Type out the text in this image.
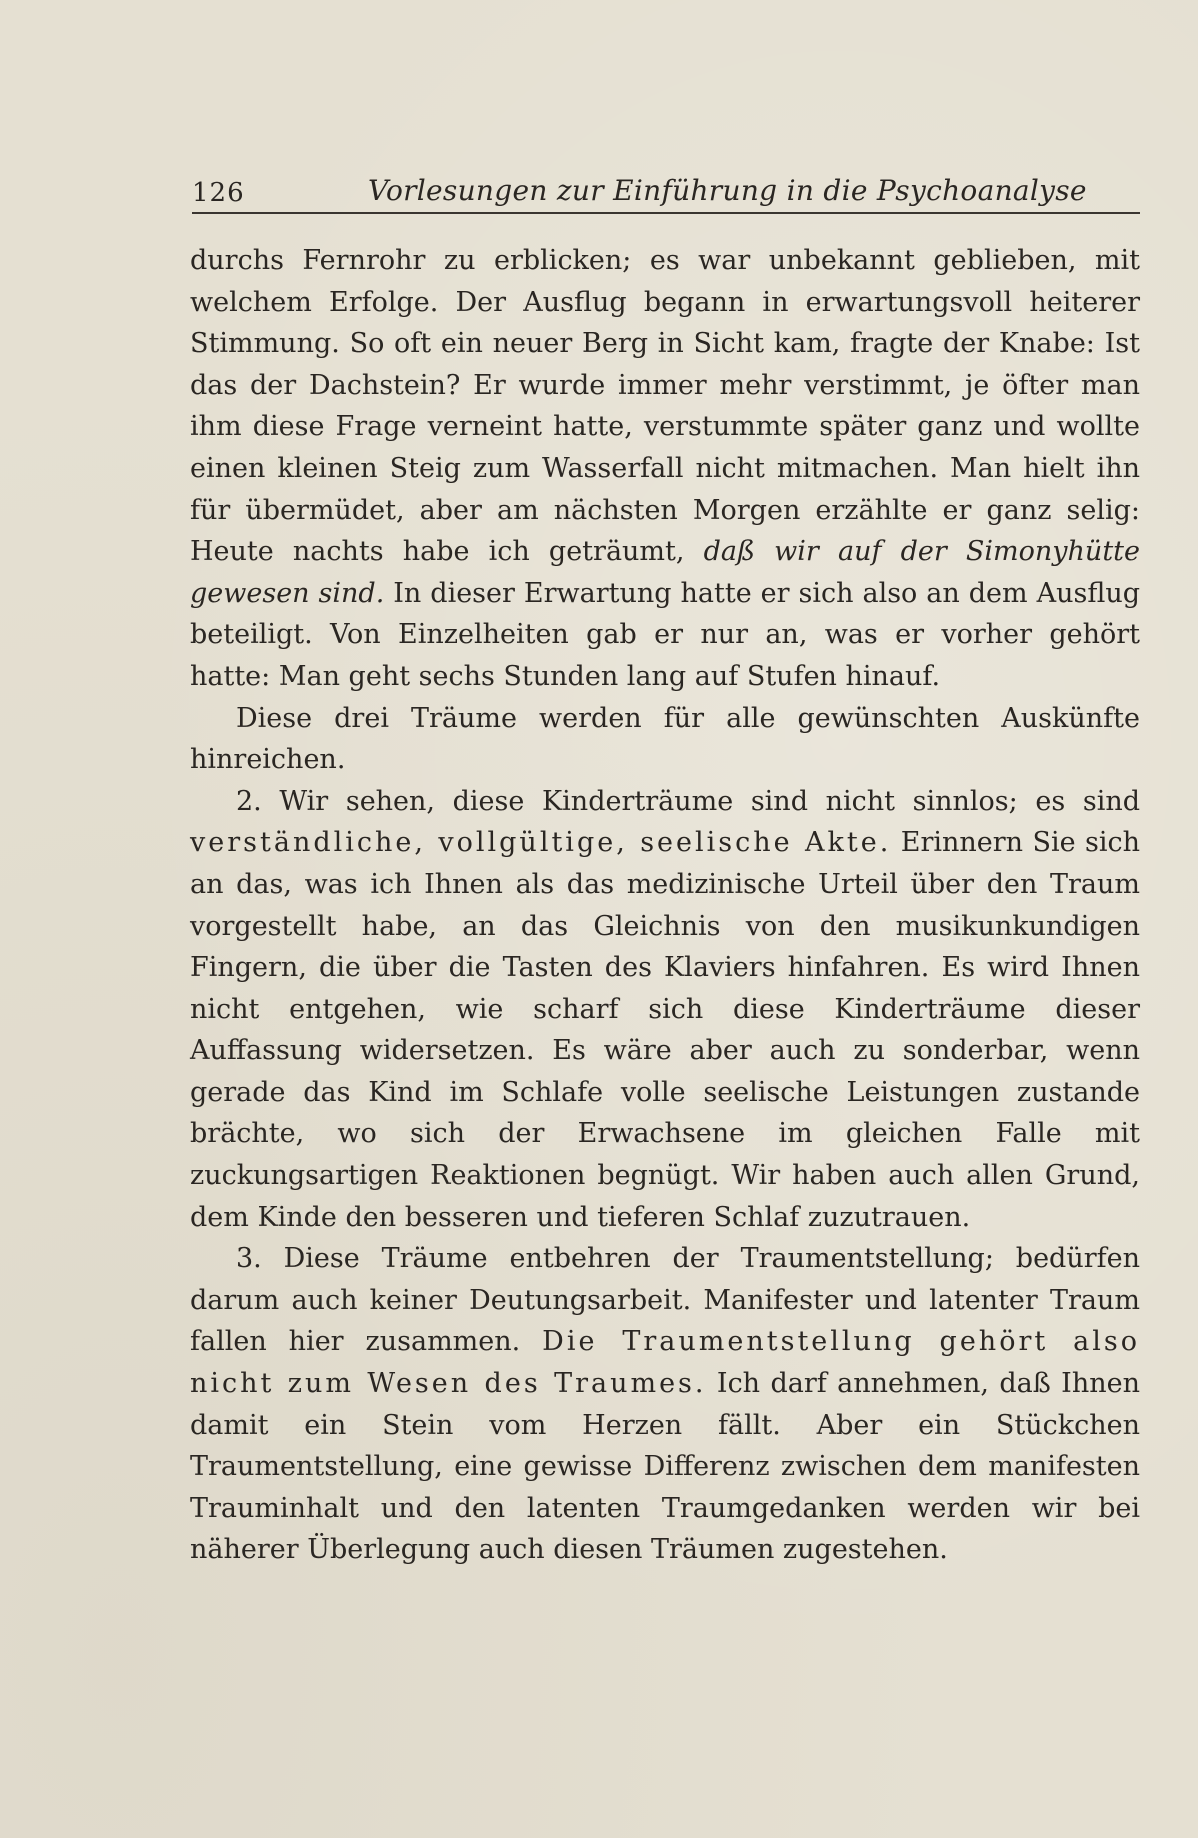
126	Vorlesungen zur Einführung in die Psychoanalyse

durchs Fernrohr zu erblicken; es war unbekannt geblieben, mit welchem Erfolge. Der Ausflug begann in erwartungsvoll heiterer Stimmung. So oft ein neuer Berg in Sicht kam, fragte der Knabe: Ist das der Dachstein? Er wurde immer mehr verstimmt, je öfter man ihm diese Frage verneint hatte, verstummte später ganz und wollte einen kleinen Steig zum Wasserfall nicht mitmachen. Man hielt ihn für übermüdet, aber am nächsten Morgen erzählte er ganz selig: Heute nachts habe ich geträumt, daß wir auf der Simonyhütte gewesen sind. In dieser Erwartung hatte er sich also an dem Ausflug beteiligt. Von Einzelheiten gab er nur an, was er vorher gehört hatte: Man geht sechs Stunden lang auf Stufen hinauf.

Diese drei Träume werden für alle gewünschten Auskünfte hinreichen.

2. Wir sehen, diese Kinderträume sind nicht sinnlos; es sind verständliche, vollgültige, seelische Akte. Erinnern Sie sich an das, was ich Ihnen als das medizinische Urteil über den Traum vorgestellt habe, an das Gleichnis von den musikunkundigen Fingern, die über die Tasten des Klaviers hinfahren. Es wird Ihnen nicht entgehen, wie scharf sich diese Kinderträume dieser Auffassung widersetzen. Es wäre aber auch zu sonderbar, wenn gerade das Kind im Schlafe volle seelische Leistungen zustande brächte, wo sich der Erwachsene im gleichen Falle mit zuckungsartigen Reaktionen begnügt. Wir haben auch allen Grund, dem Kinde den besseren und tieferen Schlaf zuzutrauen.

3. Diese Träume entbehren der Traumentstellung; bedürfen darum auch keiner Deutungsarbeit. Manifester und latenter Traum fallen hier zusammen. Die Traumentstellung gehört also nicht zum Wesen des Traumes. Ich darf annehmen, daß Ihnen damit ein Stein vom Herzen fällt. Aber ein Stückchen Traumentstellung, eine gewisse Differenz zwischen dem manifesten Trauminhalt und den latenten Traumgedanken werden wir bei näherer Überlegung auch diesen Träumen zugestehen.
